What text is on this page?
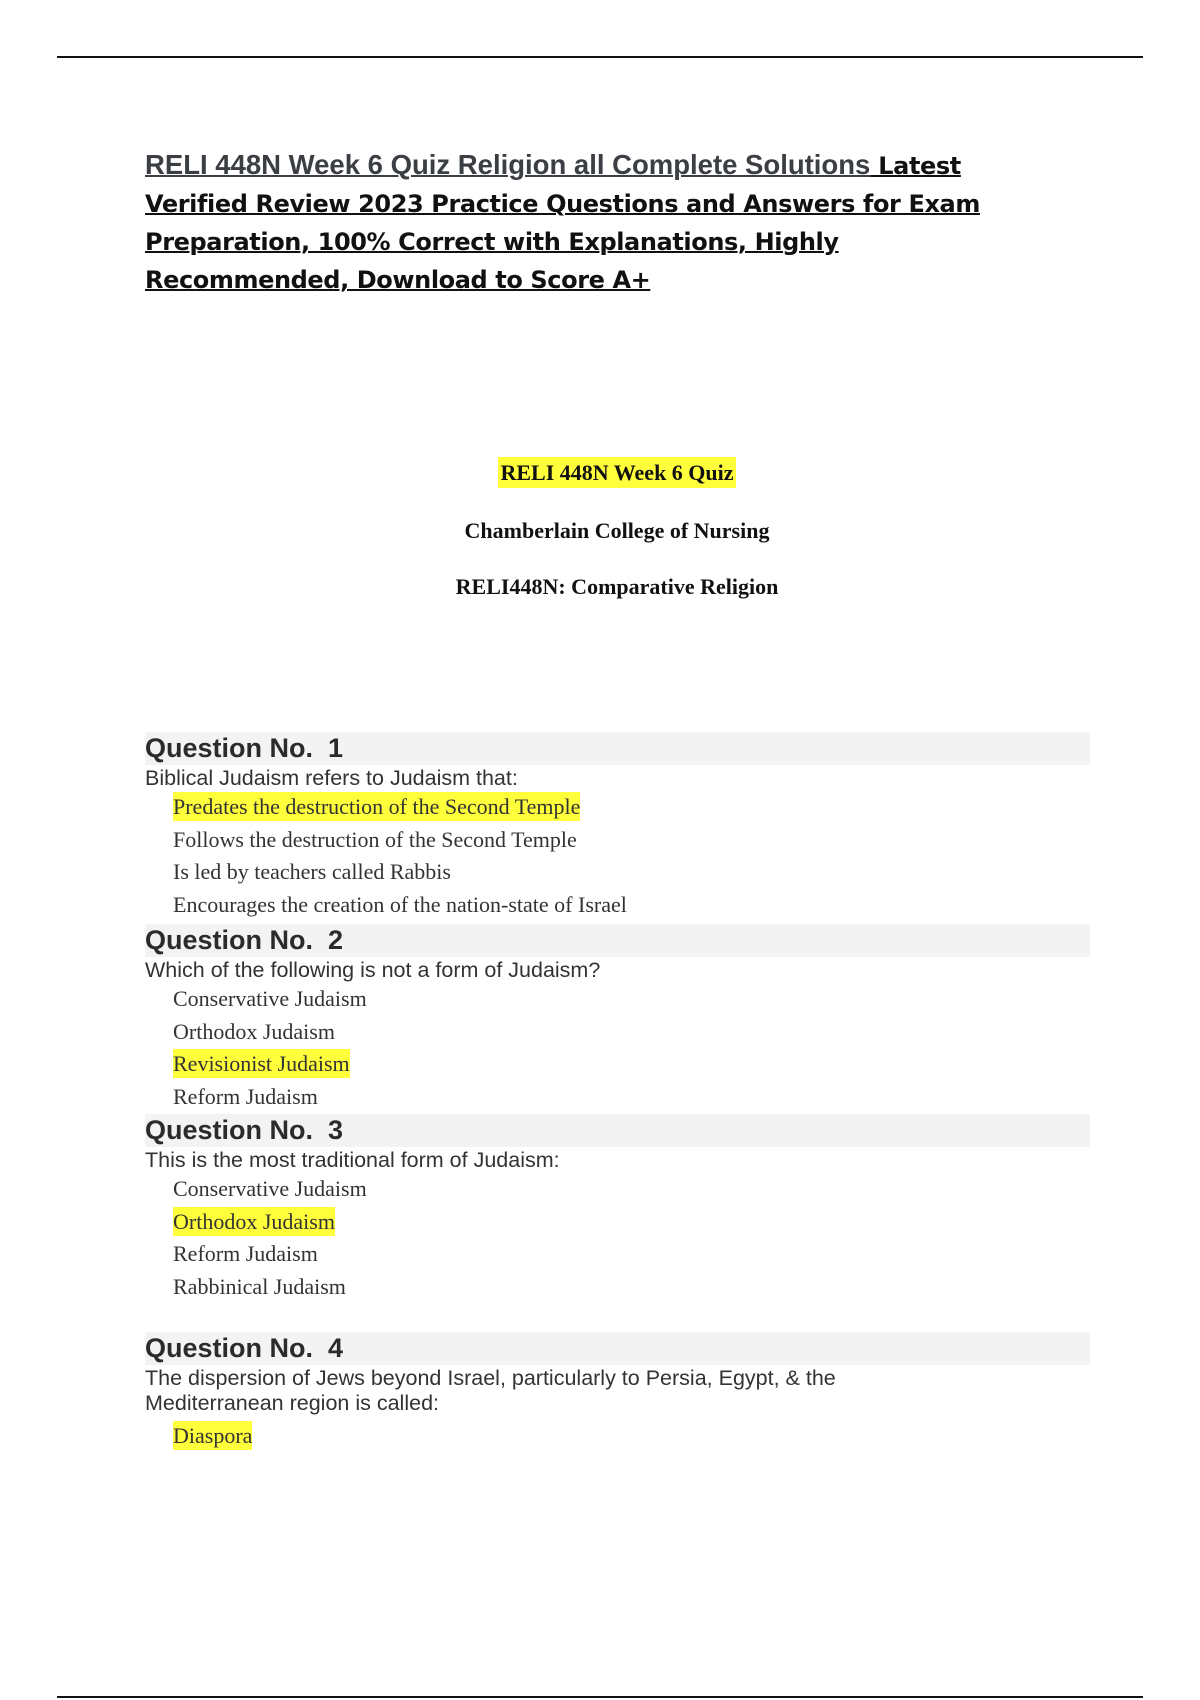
RELI 448N Week 6 Quiz Religion all Complete Solutions Latest Verified Review 2023 Practice Questions and Answers for Exam Preparation, 100% Correct with Explanations, Highly Recommended, Download to Score A+
RELI 448N Week 6 Quiz
Chamberlain College of Nursing
RELI448N: Comparative Religion
Question No.  1
Biblical Judaism refers to Judaism that:
Predates the destruction of the Second Temple
Follows the destruction of the Second Temple
Is led by teachers called Rabbis
Encourages the creation of the nation-state of Israel
Question No.  2
Which of the following is not a form of Judaism?
Conservative Judaism
Orthodox Judaism
Revisionist Judaism
Reform Judaism
Question No.  3
This is the most traditional form of Judaism:
Conservative Judaism
Orthodox Judaism
Reform Judaism
Rabbinical Judaism
Question No.  4
The dispersion of Jews beyond Israel, particularly to Persia, Egypt, & the Mediterranean region is called:
Diaspora
